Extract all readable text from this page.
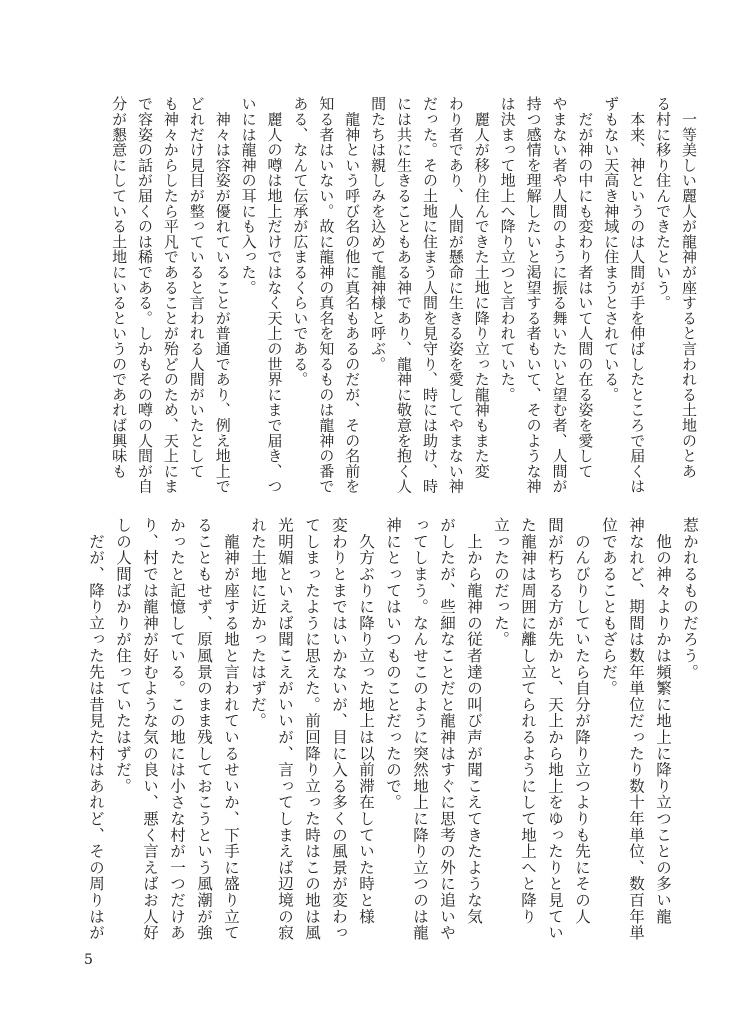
　一等美しい麗人が龍神が座すると言われる土地のとあ
る村に移り住んできたという。
　本来、神というのは人間が手を伸ばしたところで届くは
ずもない天高き神域に住まうとされている。
　だが神の中にも変わり者はいて人間の在る姿を愛して
やまない者や人間のように振る舞いたいと望む者、人間が
持つ感情を理解したいと渇望する者もいて、そのような神
は決まって地上へ降り立つと言われていた。
　麗人が移り住んできた土地に降り立った龍神もまた変
わり者であり、人間が懸命に生きる姿を愛してやまない神
だった。その土地に住まう人間を見守り、時には助け、時
には共に生きることもある神であり、龍神に敬意を抱く人
間たちは親しみを込めて龍神様と呼ぶ。
　龍神という呼び名の他に真名もあるのだが、その名前を
知る者はいない。故に龍神の真名を知るものは龍神の番で
ある、なんて伝承が広まるくらいである。
　麗人の噂は地上だけではなく天上の世界にまで届き、つ
いには龍神の耳にも入った。
　神々は容姿が優れていることが普通であり、例え地上で
どれだけ見目が整っていると言われる人間がいたとして
も神々からしたら平凡であることが殆どのため、天上にま
で容姿の話が届くのは稀である。しかもその噂の人間が自
分が懇意にしている土地にいるというのであれば興味も
惹かれるものだろう。
　他の神々よりかは頻繁に地上に降り立つことの多い龍
神なれど、期間は数年単位だったり数十年単位、数百年単
位であることもざらだ。
　のんびりしていたら自分が降り立つよりも先にその人
間が朽ちる方が先かと、天上から地上をゆったりと見てい
た龍神は周囲に離し立てられるようにして地上へと降り
立ったのだった。
　上から龍神の従者達の叫び声が聞こえてきたような気
がしたが、些細なことだと龍神はすぐに思考の外に追いや
ってしまう。なんせこのように突然地上に降り立つのは龍
神にとってはいつものことだったので。
　久方ぶりに降り立った地上は以前滞在していた時と様
変わりとまではいかないが、目に入る多くの風景が変わっ
てしまったように思えた。前回降り立った時はこの地は風
光明媚といえば聞こえがいいが、言ってしまえば辺境の寂
れた土地に近かったはずだ。
　龍神が座する地と言われているせいか、下手に盛り立て
ることもせず、原風景のまま残しておこうという風潮が強
かったと記憶している。この地には小さな村が一つだけあ
り、村では龍神が好むような気の良い、悪く言えばお人好
しの人間ばかりが住っていたはずだ。
　だが、降り立った先は昔見た村はあれど、その周りはが
5
